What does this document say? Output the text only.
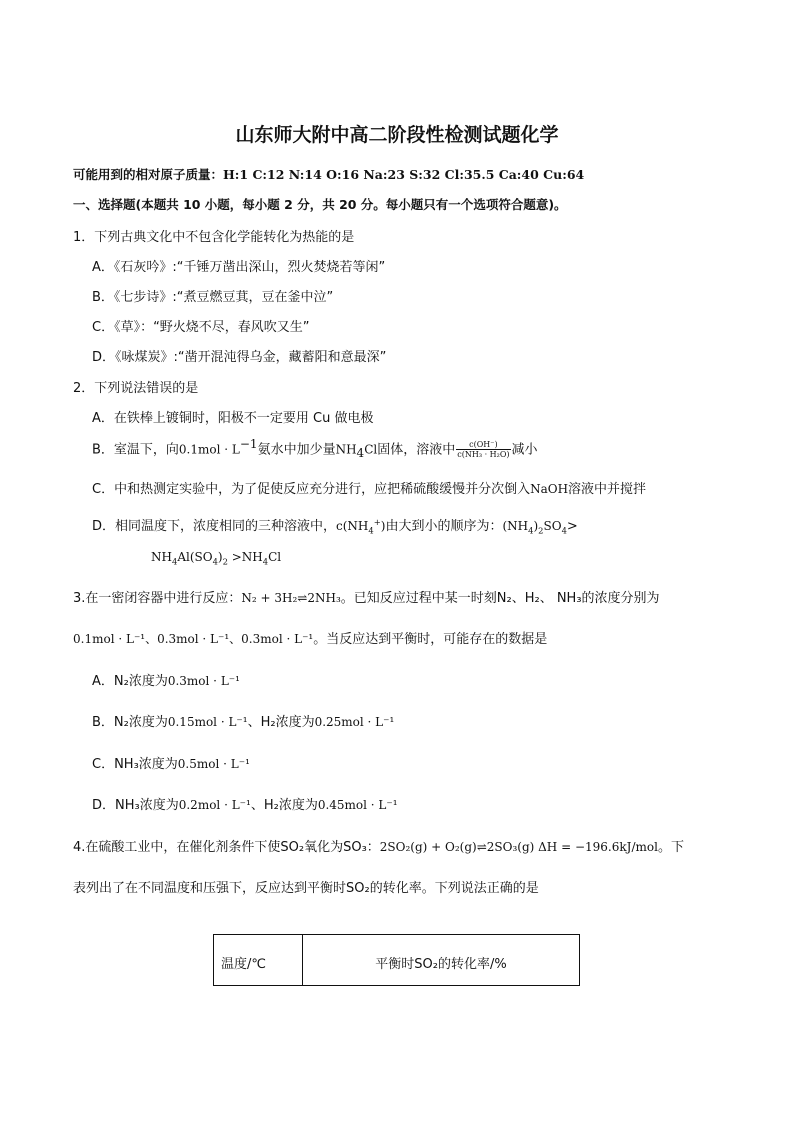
山东师大附中高二阶段性检测试题化学
可能用到的相对原子质量：H:1 C:12 N:14 O:16 Na:23 S:32 Cl:35.5 Ca:40 Cu:64
一、选择题(本题共 10 小题，每小题 2 分，共 20 分。每小题只有一个选项符合题意)。
1．下列古典文化中不包含化学能转化为热能的是
A．《石灰吟》:“千锤万凿出深山，烈火焚烧若等闲”
B．《七步诗》:“煮豆燃豆萁，豆在釜中泣”
C．《草》：“野火烧不尽，春风吹又生”
D．《咏煤炭》:“凿开混沌得乌金，藏蓄阳和意最深”
2．下列说法错误的是
A．在铁棒上镀铜时，阳极不一定要用 Cu 做电极
B．室温下，向$0.1mol \cdot L^{-1}$氨水中加少量$NH_4Cl$固体，溶液中 $\frac{c(OH^-)}{\text{c(NH₃ · H₂O)}}$ 减小
C．中和热测定实验中，为了促使反应充分进行，应把稀硫酸缓慢并分次倒入NaOH溶液中并搅拌
D．相同温度下，浓度相同的三种溶液中，$c(NH_4^+)$由大到小的顺序为：$(NH_4)_2SO_4>$
$NH_4Al(SO_4)_2 >NH_4Cl$
3.在一密闭容器中进行反应：N₂ + 3H₂⇌2NH₃。已知反应过程中某一时刻N₂、H₂、 NH₃的浓度分别为
0.1mol · L⁻¹、0.3mol · L⁻¹、0.3mol · L⁻¹。当反应达到平衡时，可能存在的数据是
A．N₂浓度为0.3mol · L⁻¹
B．N₂浓度为0.15mol · L⁻¹、H₂浓度为0.25mol · L⁻¹
C．NH₃浓度为0.5mol · L⁻¹
D．NH₃浓度为0.2mol · L⁻¹、H₂浓度为0.45mol · L⁻¹
4.在硫酸工业中，在催化剂条件下使SO₂氧化为SO₃：2SO₂(g) + O₂(g)⇌2SO₃(g) ΔH = −196.6kJ/mol。下
表列出了在不同温度和压强下，反应达到平衡时SO₂的转化率。下列说法正确的是
温度/℃	平衡时SO₂的转化率/%
